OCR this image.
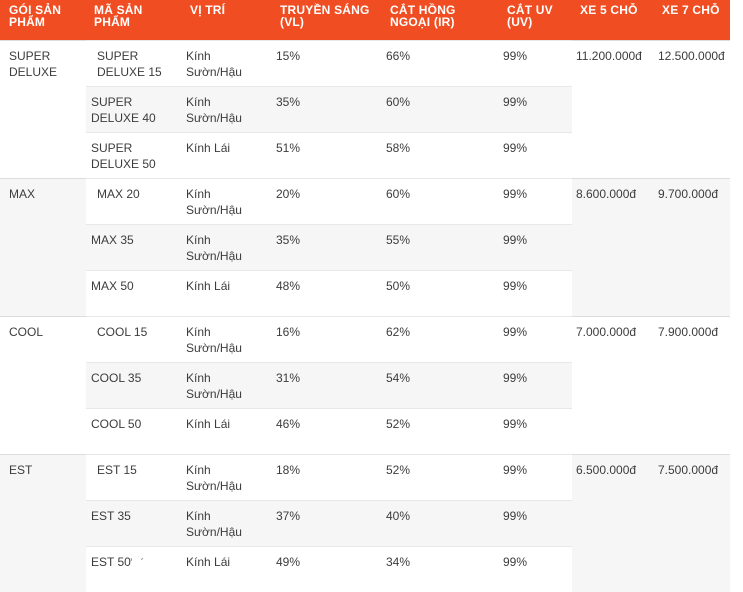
GÓI SẢN PHẨM	MÃ SẢN PHẨM	VỊ TRÍ	TRUYỀN SÁNG (VL)	CẮT HỒNG NGOẠI (IR)	CẮT UV (UV)	XE 5 CHỖ	XE 7 CHỖ
SUPER DELUXE	SUPER DELUXE 15	Kính Sườn/Hậu	15%	66%	99%	11.200.000đ	12.500.000đ
	SUPER DELUXE 40	Kính Sườn/Hậu	35%	60%	99%		
	SUPER DELUXE 50	Kính Lái	51%	58%	99%		
MAX	MAX 20	Kính Sườn/Hậu	20%	60%	99%	8.600.000đ	9.700.000đ
	MAX 35	Kính Sườn/Hậu	35%	55%	99%		
	MAX 50	Kính Lái	48%	50%	99%		
COOL	COOL 15	Kính Sườn/Hậu	16%	62%	99%	7.000.000đ	7.900.000đ
	COOL 35	Kính Sườn/Hậu	31%	54%	99%		
	COOL 50	Kính Lái	46%	52%	99%		
EST	EST 15	Kính Sườn/Hậu	18%	52%	99%	6.500.000đ	7.500.000đ
	EST 35	Kính Sườn/Hậu	37%	40%	99%		
	EST 50	Kính Lái	49%	34%	99%		
ʼ ˊ
